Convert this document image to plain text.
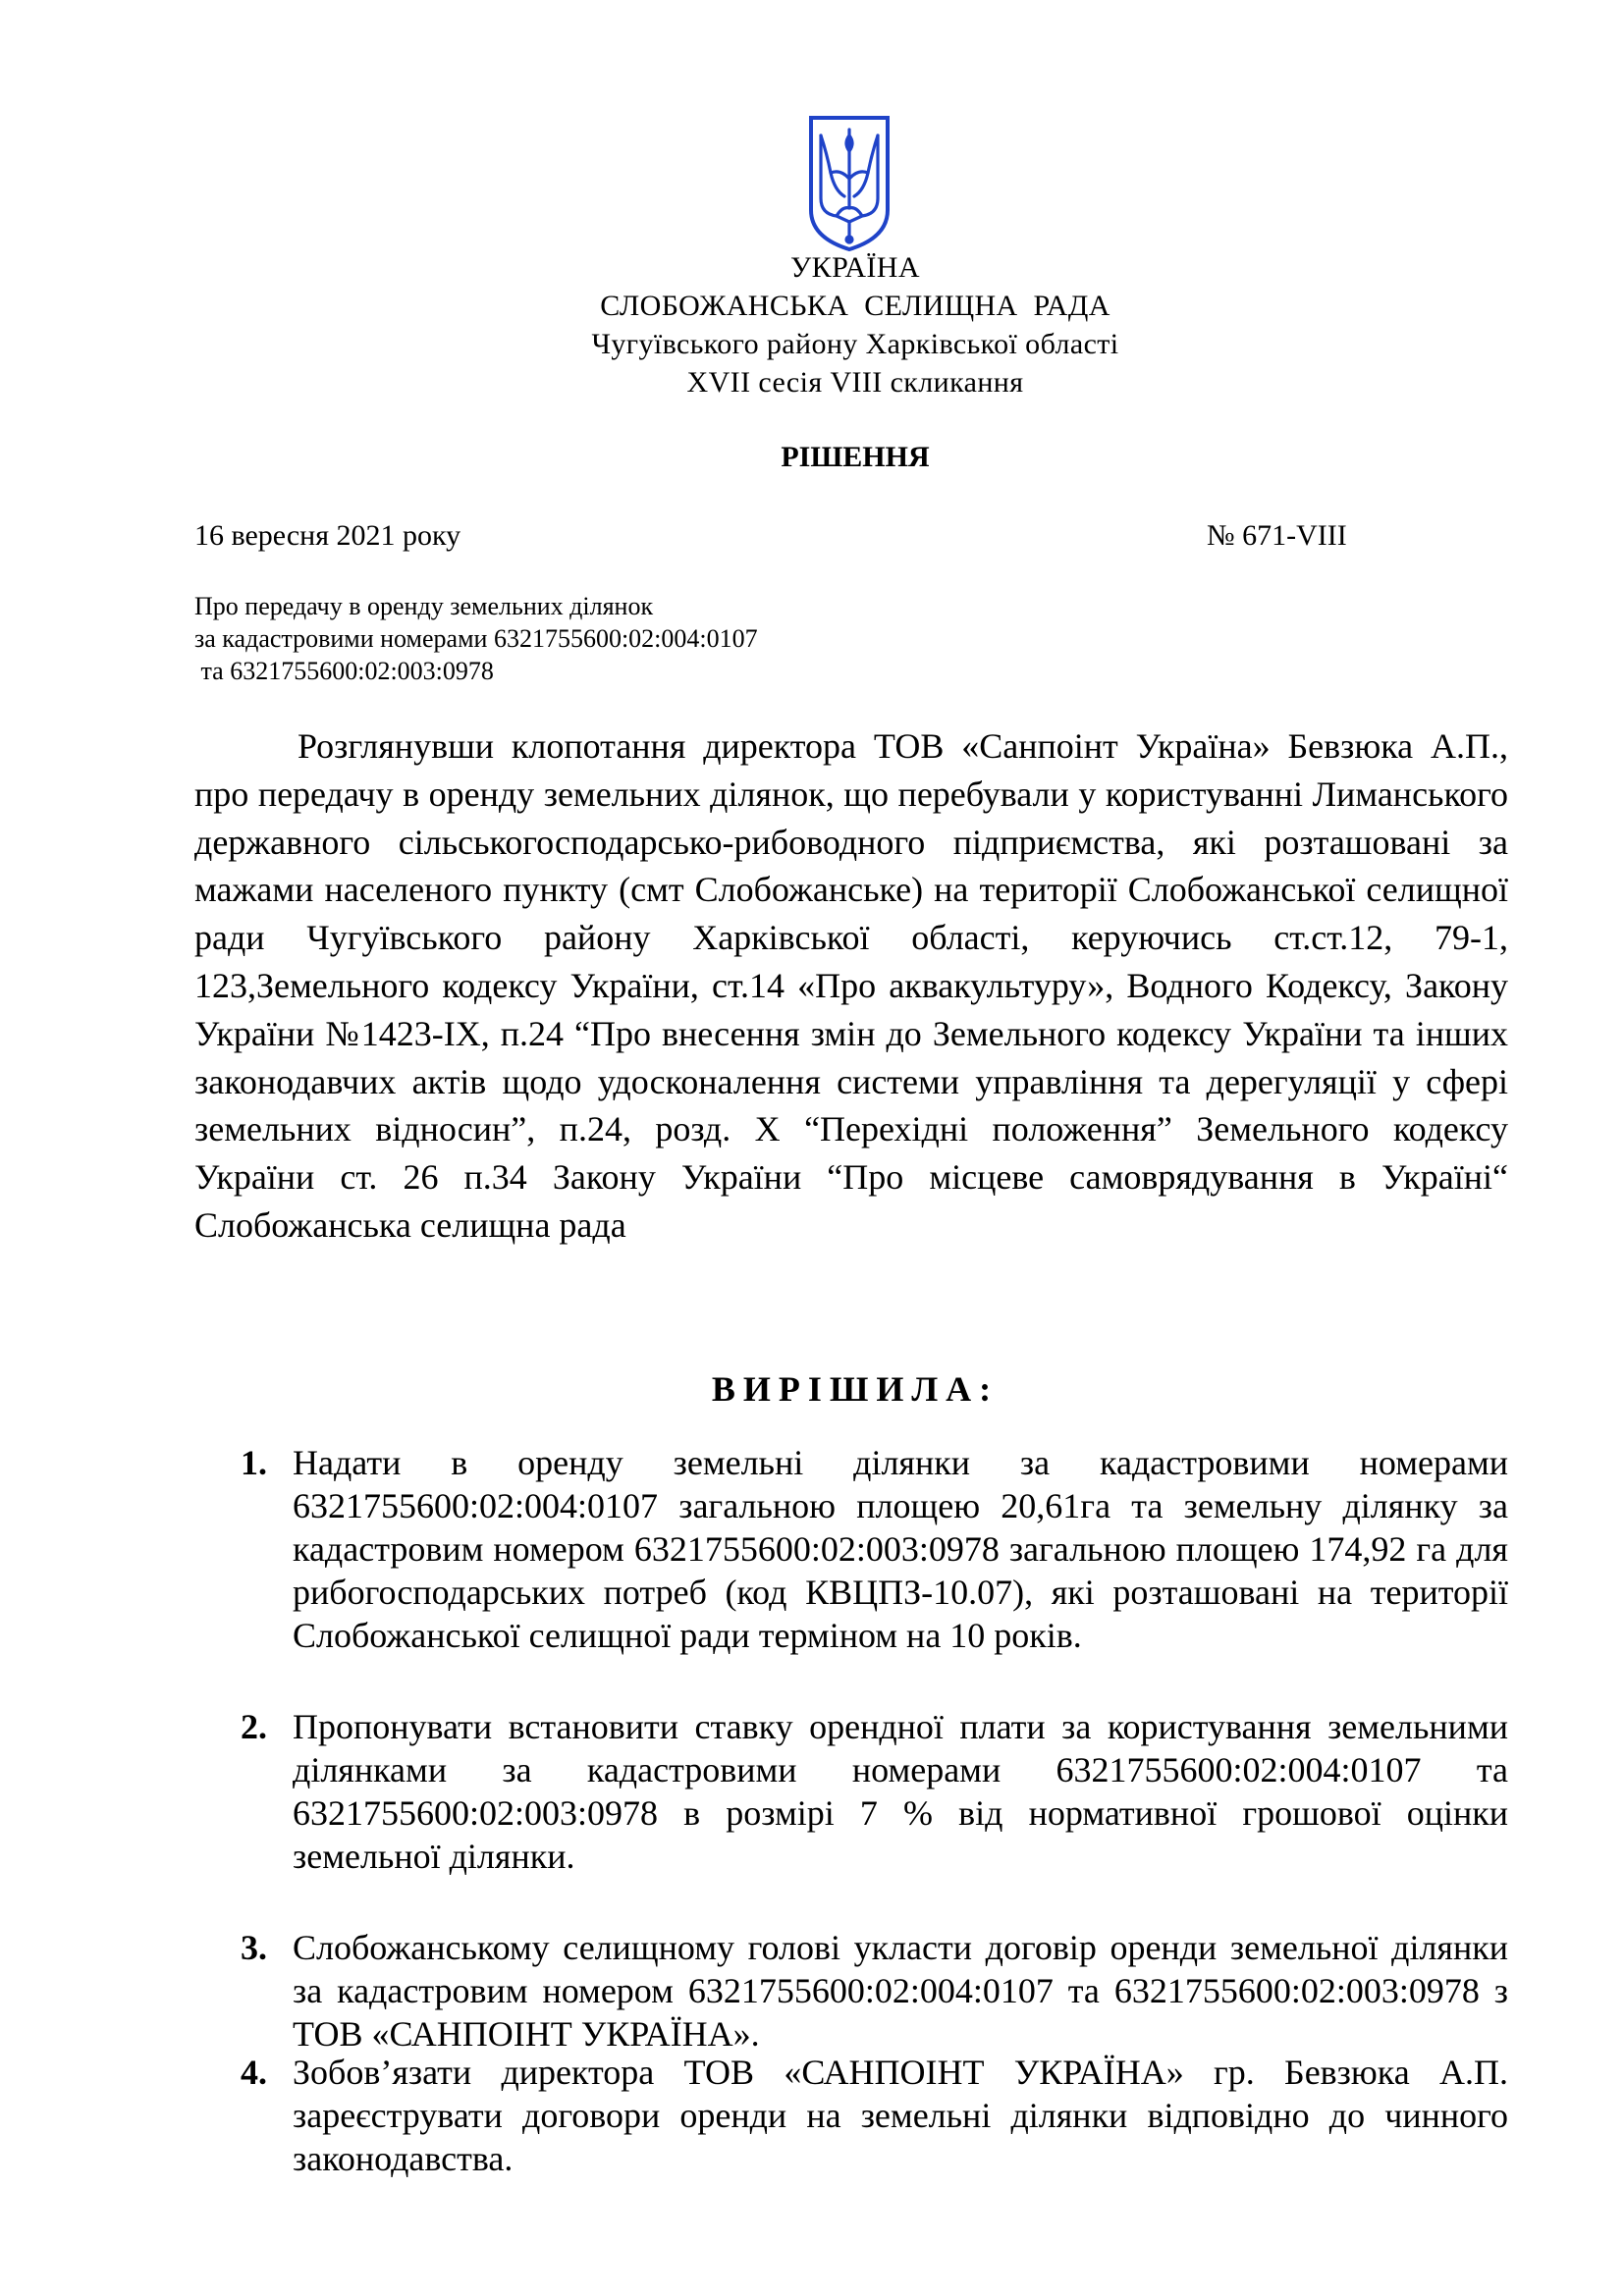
УКРАЇНА
СЛОБОЖАНСЬКА СЕЛИЩНА РАДА
Чугуївського району Харківської області
XVII сесія VIII скликання
РІШЕННЯ
16 вересня 2021 року	№ 671-VIII
Про передачу в оренду земельних ділянок
за кадастровими номерами 6321755600:02:004:0107
та 6321755600:02:003:0978
Розглянувши клопотання директора ТОВ «Санпоінт Україна» Бевзюка А.П., про передачу в оренду земельних ділянок, що перебували у користуванні Лиманського державного сільськогосподарсько-рибоводного підприємства, які розташовані за мажами населеного пункту (смт Слобожанське) на території Слобожанської селищної ради Чугуївського району Харківської області, керуючись ст.ст.12, 79-1, 123,Земельного кодексу України, ст.14 «Про аквакультуру», Водного Кодексу, Закону України №1423-IX, п.24 “Про внесення змін до Земельного кодексу України та інших законодавчих актів щодо удосконалення системи управління та дерегуляції у сфері земельних відносин”, п.24, розд. X “Перехідні положення” Земельного кодексу України ст. 26 п.34 Закону України “Про місцеве самоврядування в Україні“ Слобожанська селищна рада
ВИРІШИЛА:
1. Надати в оренду земельні ділянки за кадастровими номерами 6321755600:02:004:0107 загальною площею 20,61га та земельну ділянку за кадастровим номером 6321755600:02:003:0978 загальною площею 174,92 га для рибогосподарських потреб (код КВЦПЗ-10.07), які розташовані на території Слобожанської селищної ради терміном на 10 років.
2. Пропонувати встановити ставку орендної плати за користування земельними ділянками за кадастровими номерами 6321755600:02:004:0107 та 6321755600:02:003:0978 в розмірі 7 % від нормативної грошової оцінки земельної ділянки.
3. Слобожанському селищному голові укласти договір оренди земельної ділянки за кадастровим номером 6321755600:02:004:0107 та 6321755600:02:003:0978 з ТОВ «САНПОІНТ УКРАЇНА».
4. Зобов’язати директора ТОВ «САНПОІНТ УКРАЇНА» гр. Бевзюка А.П. зареєструвати договори оренди на земельні ділянки відповідно до чинного законодавства.
